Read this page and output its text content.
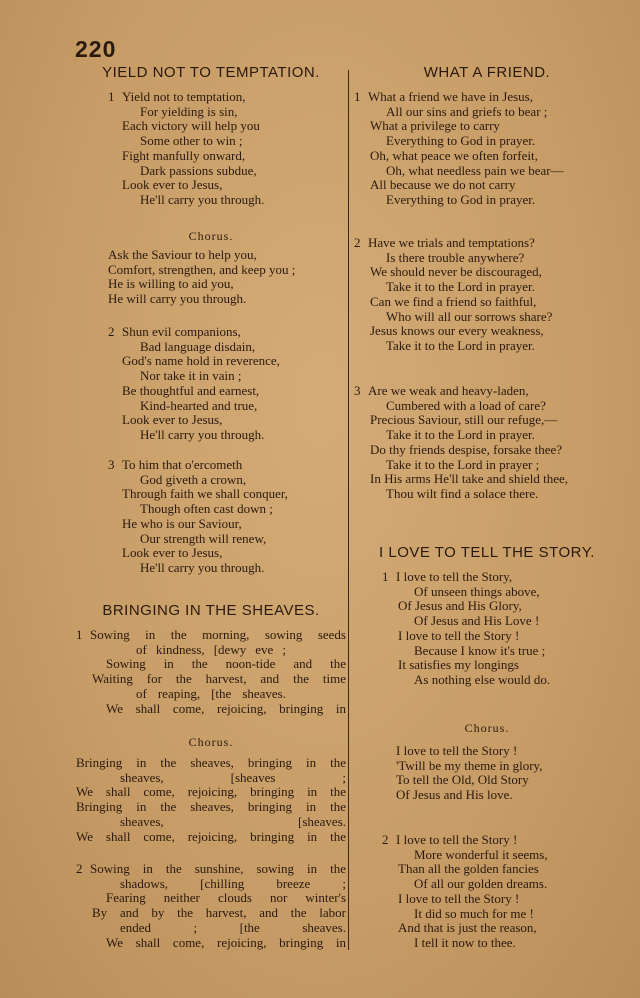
220

YIELD NOT TO TEMPTATION.

1 Yield not to temptation,

For yielding is sin,

Each victory will help you

Some other to win ;

Fight manfully onward,

Dark passions subdue,

Look ever to Jesus,

He'll carry you through.

Chorus.

Ask the Saviour to help you,

Comfort, strengthen, and keep you ;

He is willing to aid you,

He will carry you through.

2 Shun evil companions,

Bad language disdain,

God's name hold in reverence,

Nor take it in vain ;

Be thoughtful and earnest,

Kind-hearted and true,

Look ever to Jesus,

He'll carry you through.

3 To him that o'ercometh

God giveth a crown,

Through faith we shall conquer,

Though often cast down ;

He who is our Saviour,

Our strength will renew,

Look ever to Jesus,

He'll carry you through.

BRINGING IN THE SHEAVES.

1 Sowing in the morning, sowing seeds

of kindness, [dewy eve ;

Sowing in the noon-tide and the

Waiting for the harvest, and the time

of reaping, [the sheaves.

We shall come, rejoicing, bringing in

Chorus.

Bringing in the sheaves, bringing in the

sheaves, [sheaves ;

We shall come, rejoicing, bringing in the

Bringing in the sheaves, bringing in the

sheaves, [sheaves.

We shall come, rejoicing, bringing in the

2 Sowing in the sunshine, sowing in the

shadows, [chilling breeze ;

Fearing neither clouds nor winter's

By and by the harvest, and the labor

ended ; [the sheaves.

We shall come, rejoicing, bringing in

WHAT A FRIEND.

1 What a friend we have in Jesus,

All our sins and griefs to bear ;

What a privilege to carry

Everything to God in prayer.

Oh, what peace we often forfeit,

Oh, what needless pain we bear—

All because we do not carry

Everything to God in prayer.

2 Have we trials and temptations?

Is there trouble anywhere?

We should never be discouraged,

Take it to the Lord in prayer.

Can we find a friend so faithful,

Who will all our sorrows share?

Jesus knows our every weakness,

Take it to the Lord in prayer.

3 Are we weak and heavy-laden,

Cumbered with a load of care?

Precious Saviour, still our refuge,—

Take it to the Lord in prayer.

Do thy friends despise, forsake thee?

Take it to the Lord in prayer ;

In His arms He'll take and shield thee,

Thou wilt find a solace there.

I LOVE TO TELL THE STORY.

1 I love to tell the Story,

Of unseen things above,

Of Jesus and His Glory,

Of Jesus and His Love !

I love to tell the Story !

Because I know it's true ;

It satisfies my longings

As nothing else would do.

Chorus.

I love to tell the Story !

'Twill be my theme in glory,

To tell the Old, Old Story

Of Jesus and His love.

2 I love to tell the Story !

More wonderful it seems,

Than all the golden fancies

Of all our golden dreams.

I love to tell the Story !

It did so much for me !

And that is just the reason,

I tell it now to thee.
